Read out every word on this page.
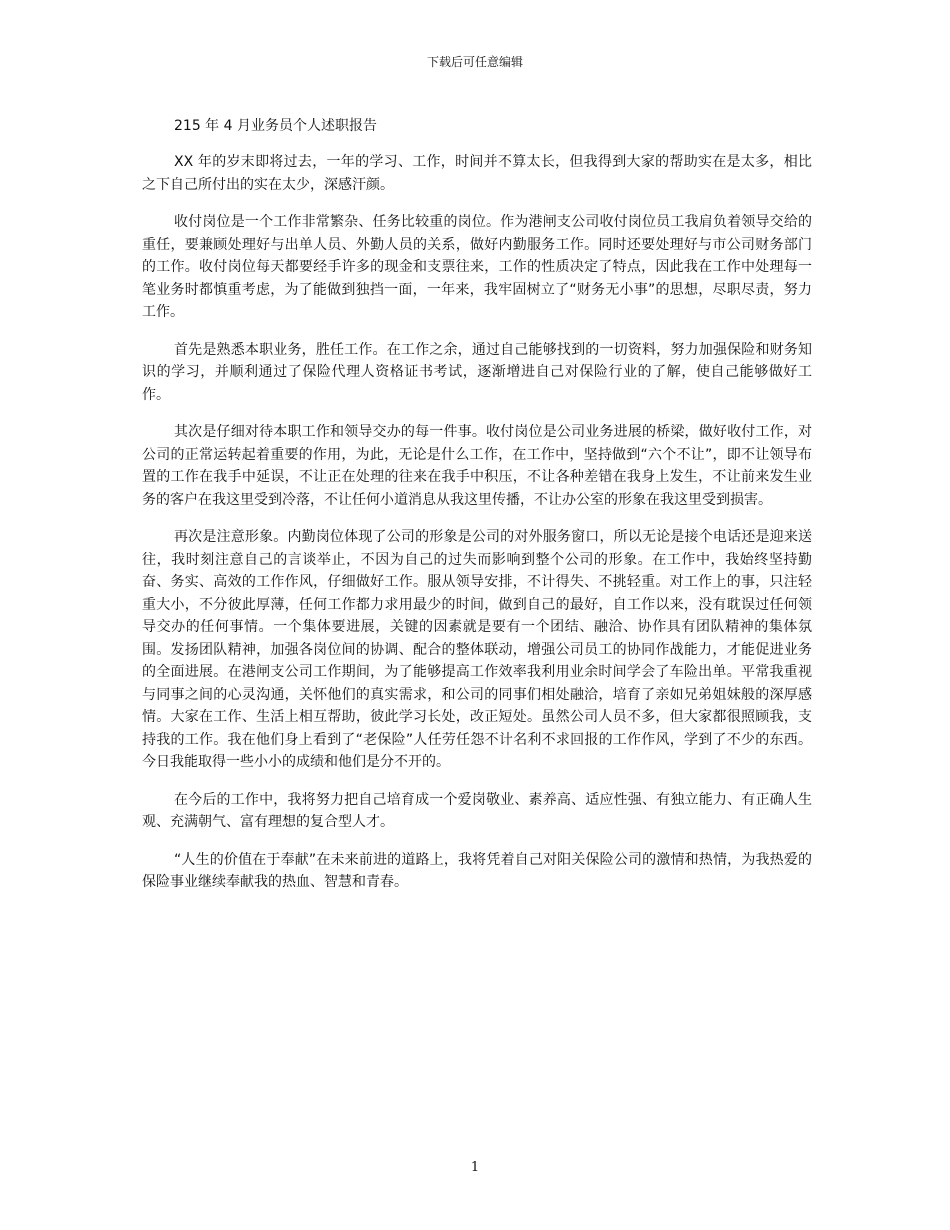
下载后可任意编辑

215 年 4 月业务员个人述职报告

XX 年的岁末即将过去，一年的学习、工作，时间并不算太长，但我得到大家的帮助实在是太多，相比之下自己所付出的实在太少，深感汗颜。

收付岗位是一个工作非常繁杂、任务比较重的岗位。作为港闸支公司收付岗位员工我肩负着领导交给的重任，要兼顾处理好与出单人员、外勤人员的关系，做好内勤服务工作。同时还要处理好与市公司财务部门的工作。收付岗位每天都要经手许多的现金和支票往来，工作的性质决定了特点，因此我在工作中处理每一笔业务时都慎重考虑，为了能做到独挡一面，一年来，我牢固树立了“财务无小事”的思想，尽职尽责，努力工作。

首先是熟悉本职业务，胜任工作。在工作之余，通过自己能够找到的一切资料，努力加强保险和财务知识的学习，并顺利通过了保险代理人资格证书考试，逐渐增进自己对保险行业的了解，使自己能够做好工作。

其次是仔细对待本职工作和领导交办的每一件事。收付岗位是公司业务进展的桥梁，做好收付工作，对公司的正常运转起着重要的作用，为此，无论是什么工作，在工作中，坚持做到“六个不让”，即不让领导布置的工作在我手中延误，不让正在处理的往来在我手中积压，不让各种差错在我身上发生，不让前来发生业务的客户在我这里受到冷落，不让任何小道消息从我这里传播，不让办公室的形象在我这里受到损害。

再次是注意形象。内勤岗位体现了公司的形象是公司的对外服务窗口，所以无论是接个电话还是迎来送往，我时刻注意自己的言谈举止，不因为自己的过失而影响到整个公司的形象。在工作中，我始终坚持勤奋、务实、高效的工作作风，仔细做好工作。服从领导安排，不计得失、不挑轻重。对工作上的事，只注轻重大小，不分彼此厚薄，任何工作都力求用最少的时间，做到自己的最好，自工作以来，没有耽误过任何领导交办的任何事情。一个集体要进展，关键的因素就是要有一个团结、融洽、协作具有团队精神的集体氛围。发扬团队精神，加强各岗位间的协调、配合的整体联动，增强公司员工的协同作战能力，才能促进业务的全面进展。在港闸支公司工作期间，为了能够提高工作效率我利用业余时间学会了车险出单。平常我重视与同事之间的心灵沟通，关怀他们的真实需求，和公司的同事们相处融洽，培育了亲如兄弟姐妹般的深厚感情。大家在工作、生活上相互帮助，彼此学习长处，改正短处。虽然公司人员不多，但大家都很照顾我，支持我的工作。我在他们身上看到了“老保险”人任劳任怨不计名利不求回报的工作作风，学到了不少的东西。今日我能取得一些小小的成绩和他们是分不开的。

在今后的工作中，我将努力把自己培育成一个爱岗敬业、素养高、适应性强、有独立能力、有正确人生观、充满朝气、富有理想的复合型人才。

“人生的价值在于奉献”在未来前进的道路上，我将凭着自己对阳关保险公司的激情和热情，为我热爱的保险事业继续奉献我的热血、智慧和青春。

1
